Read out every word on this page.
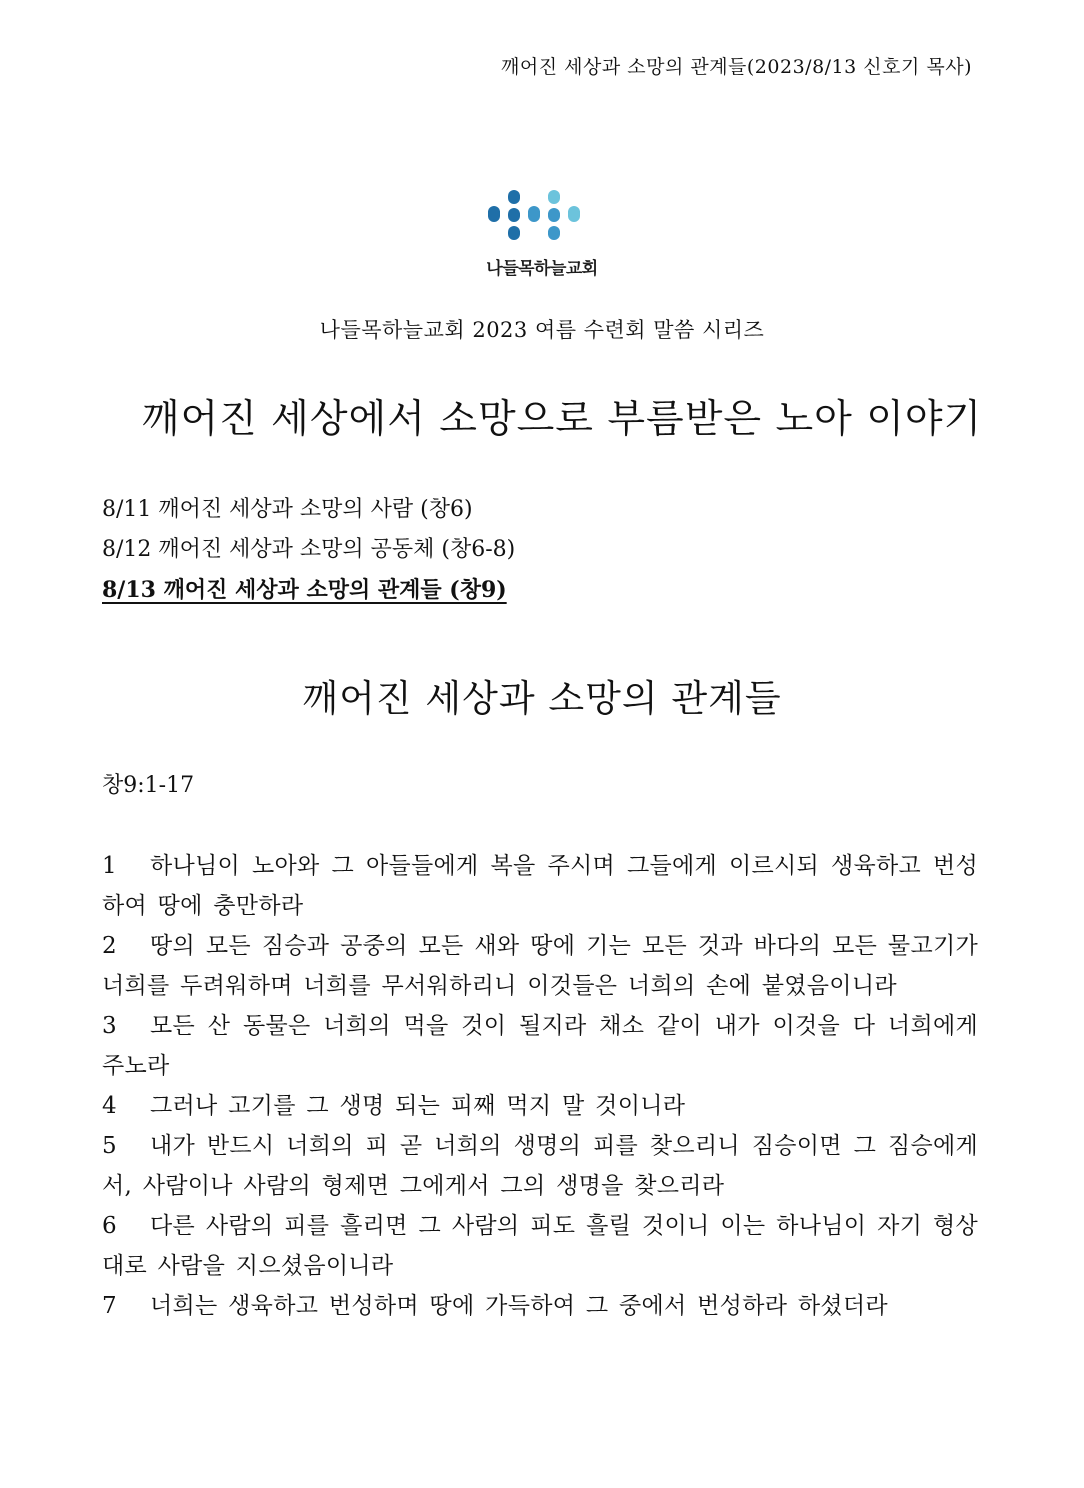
깨어진 세상과 소망의 관계들(2023/8/13 신호기 목사)
나들목하늘교회
나들목하늘교회 2023 여름 수련회 말씀 시리즈
깨어진 세상에서 소망으로 부름받은 노아 이야기
8/11 깨어진 세상과 소망의 사람 (창6)
8/12 깨어진 세상과 소망의 공동체 (창6-8)
8/13 깨어진 세상과 소망의 관계들 (창9)
깨어진 세상과 소망의 관계들
창9:1-17

1 하나님이 노아와 그 아들들에게 복을 주시며 그들에게 이르시되 생육하고 번성하여 땅에 충만하라

2 땅의 모든 짐승과 공중의 모든 새와 땅에 기는 모든 것과 바다의 모든 물고기가 너희를 두려워하며 너희를 무서워하리니 이것들은 너희의 손에 붙였음이니라

3 모든 산 동물은 너희의 먹을 것이 될지라 채소 같이 내가 이것을 다 너희에게 주노라

4 그러나 고기를 그 생명 되는 피째 먹지 말 것이니라

5 내가 반드시 너희의 피 곧 너희의 생명의 피를 찾으리니 짐승이면 그 짐승에게서, 사람이나 사람의 형제면 그에게서 그의 생명을 찾으리라

6 다른 사람의 피를 흘리면 그 사람의 피도 흘릴 것이니 이는 하나님이 자기 형상대로 사람을 지으셨음이니라

7 너희는 생육하고 번성하며 땅에 가득하여 그 중에서 번성하라 하셨더라
